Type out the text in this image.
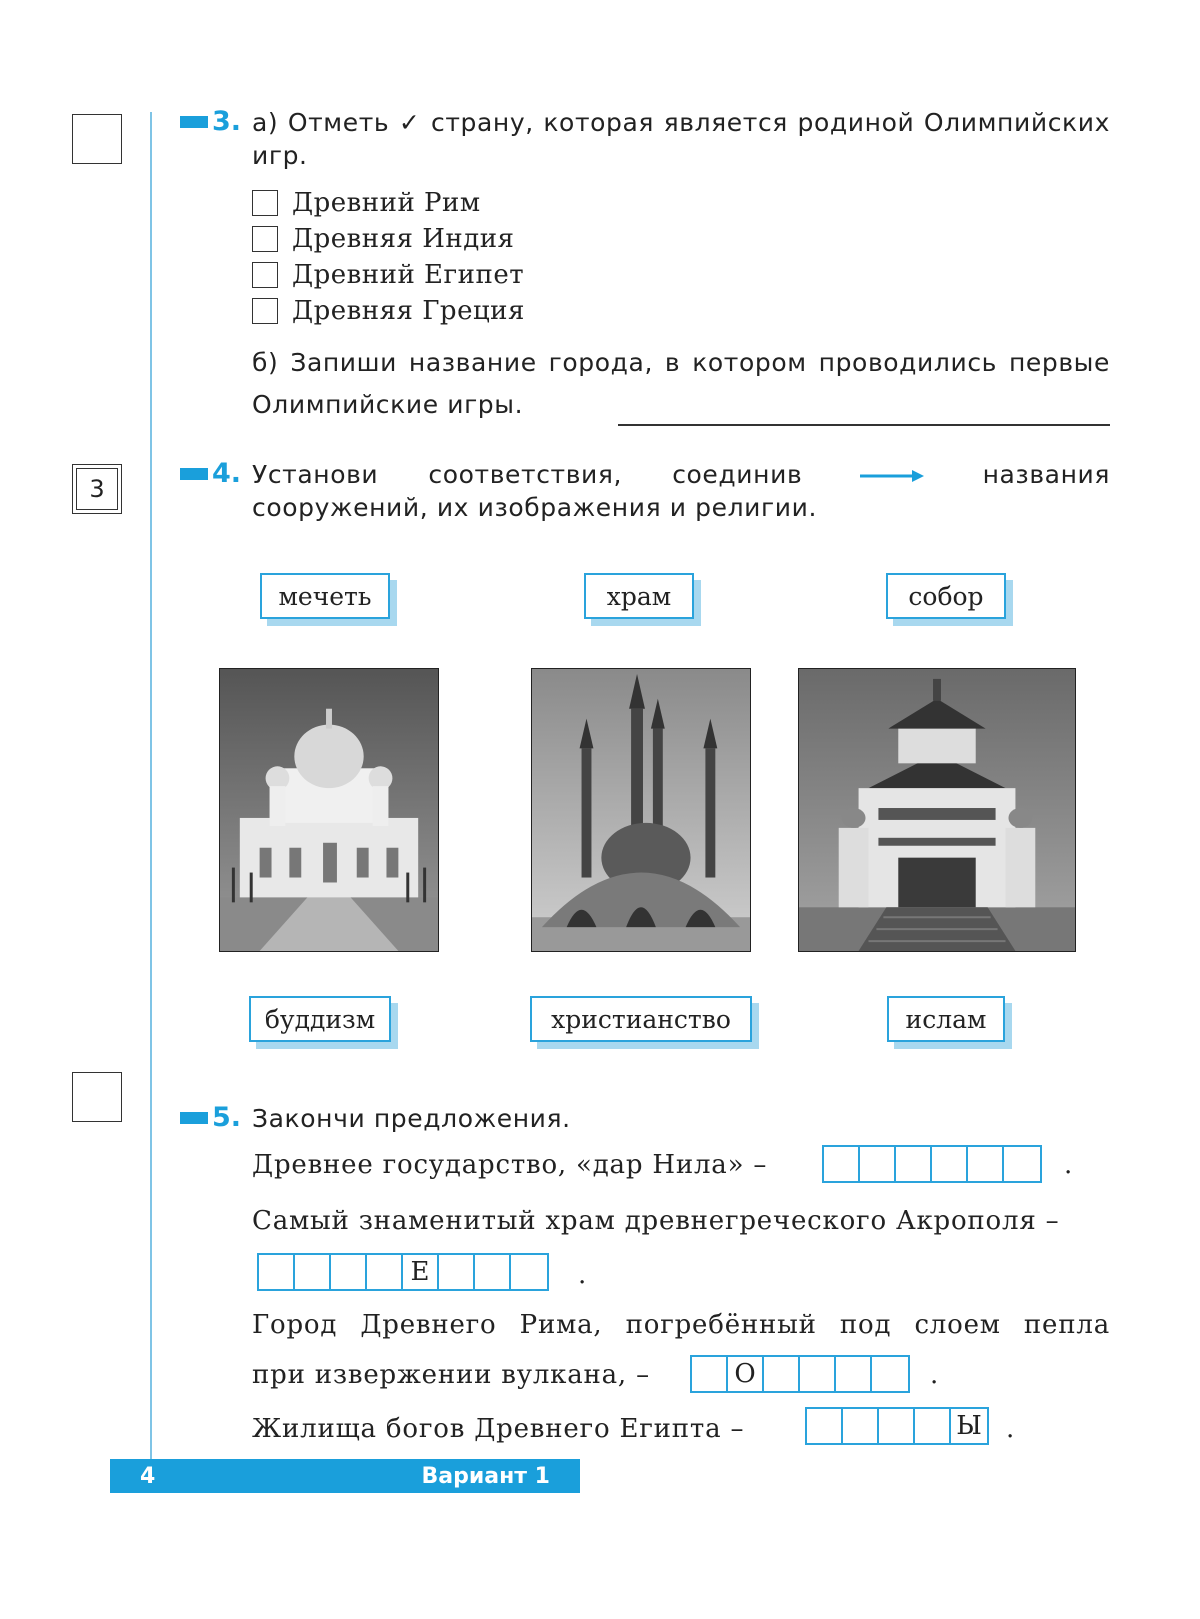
3
3. а) Отметь ✓ страну, которая является родиной Олимпийских игр.
Древний Рим
Древняя Индия
Древний Египет
Древняя Греция
б) Запиши название города, в котором проводились первые Олимпийские игры.
4. Установи соответствия, соединив	названия сооружений, их изображения и религии.
мечеть	храм	собор
буддизм	христианство	ислам
5. Закончи предложения.
Древнее государство, «дар Нила» –	.
Самый знаменитый храм древнегреческого Акрополя –
Е	.
Город Древнего Рима, погребённый под слоем пепла
при извержении вулкана, –	О	.
Жилища богов Древнего Египта –	Ы .
4	Вариант 1
